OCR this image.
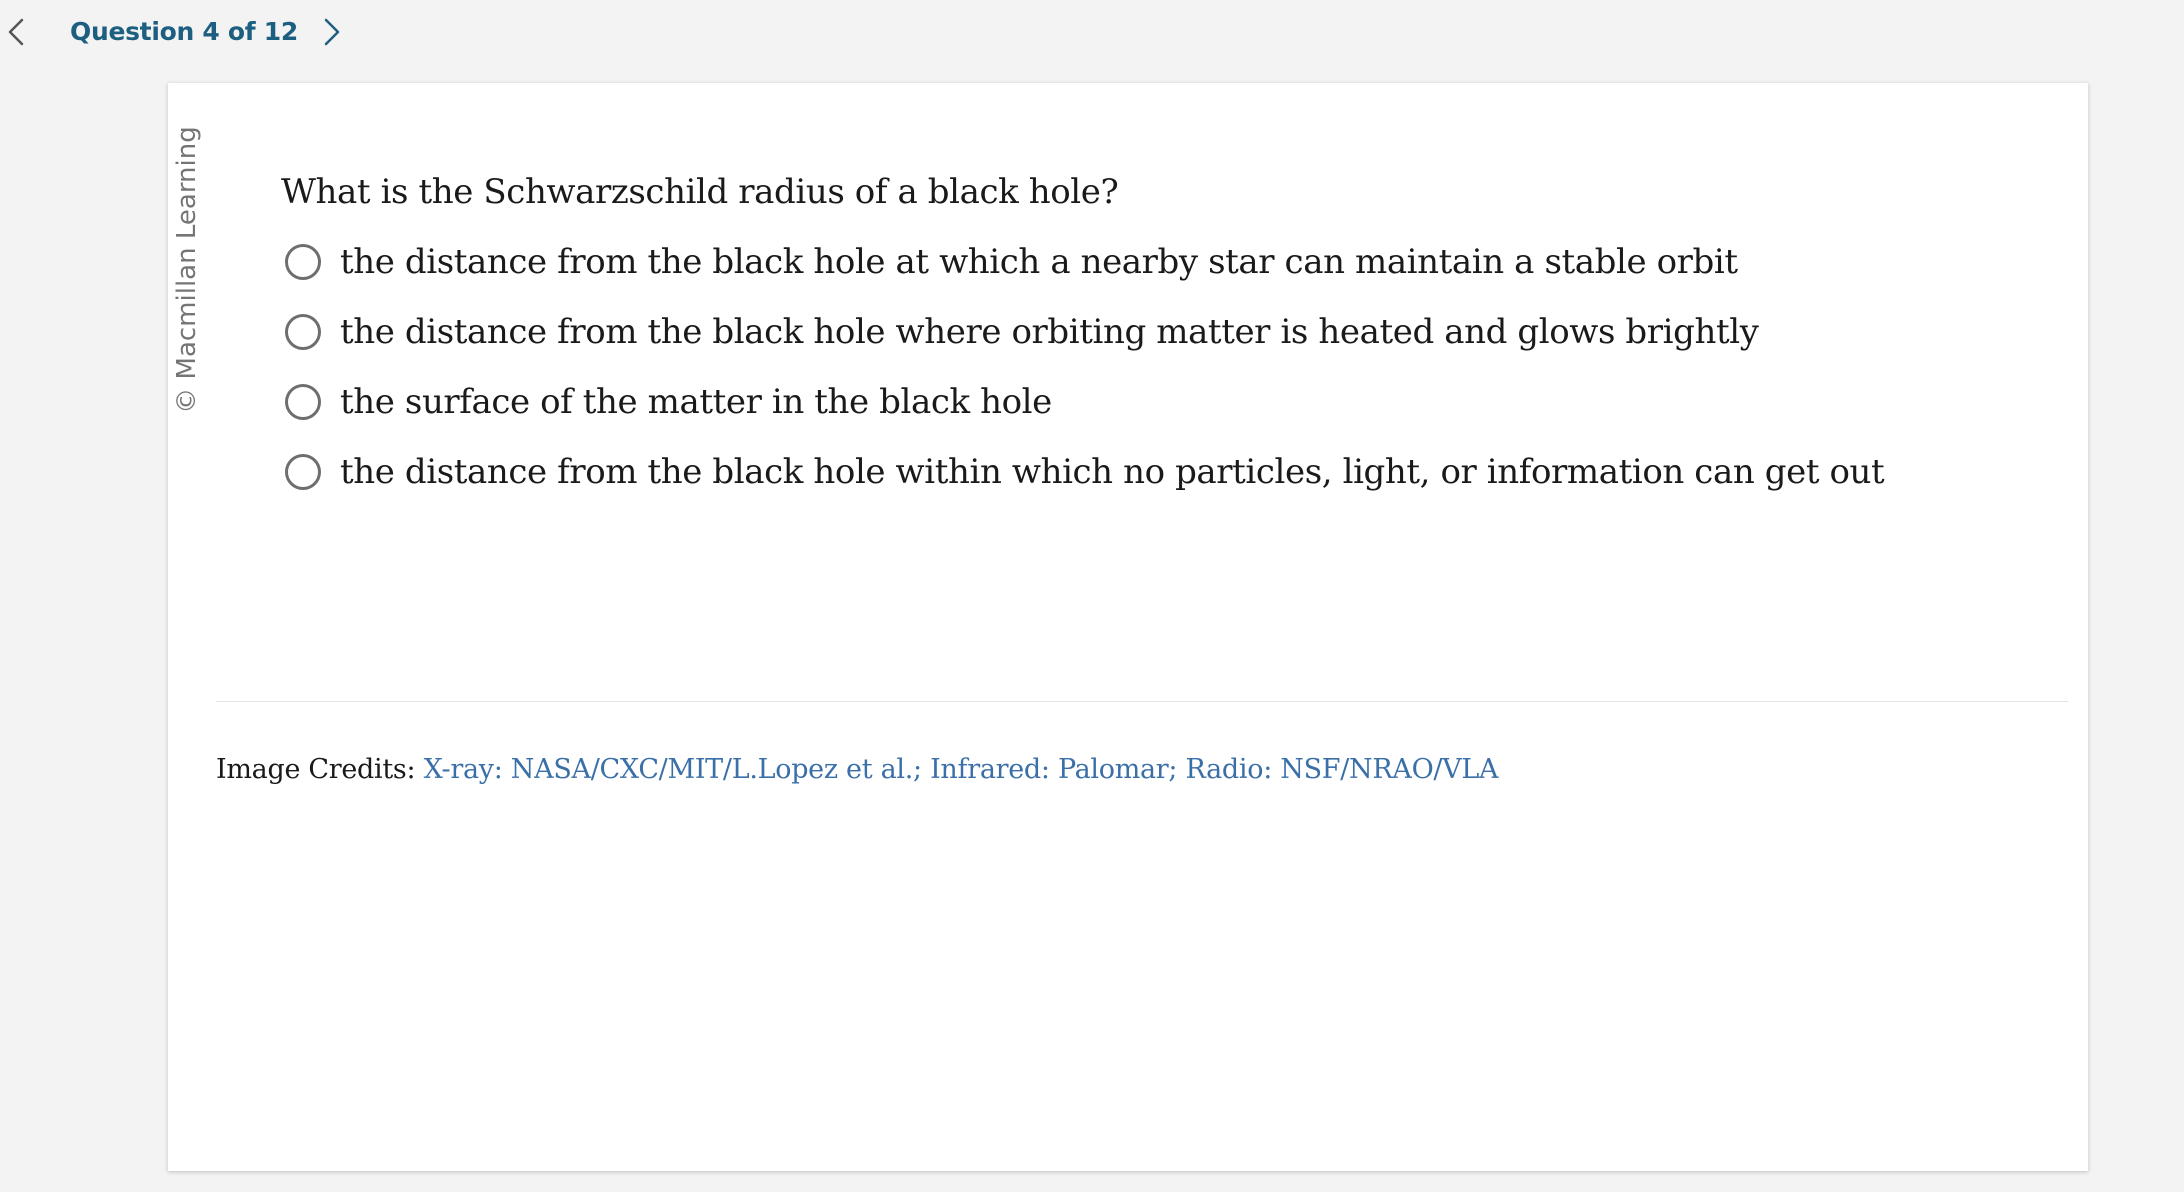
Question 4 of 12
© Macmillan Learning What is the Schwarzschild radius of a black hole?
the distance from the black hole at which a nearby star can maintain a stable orbit
the distance from the black hole where orbiting matter is heated and glows brightly
the surface of the matter in the black hole
the distance from the black hole within which no particles, light, or information can get out
Image Credits: X-ray: NASA/CXC/MIT/L.Lopez et al.; Infrared: Palomar; Radio: NSF/NRAO/VLA
